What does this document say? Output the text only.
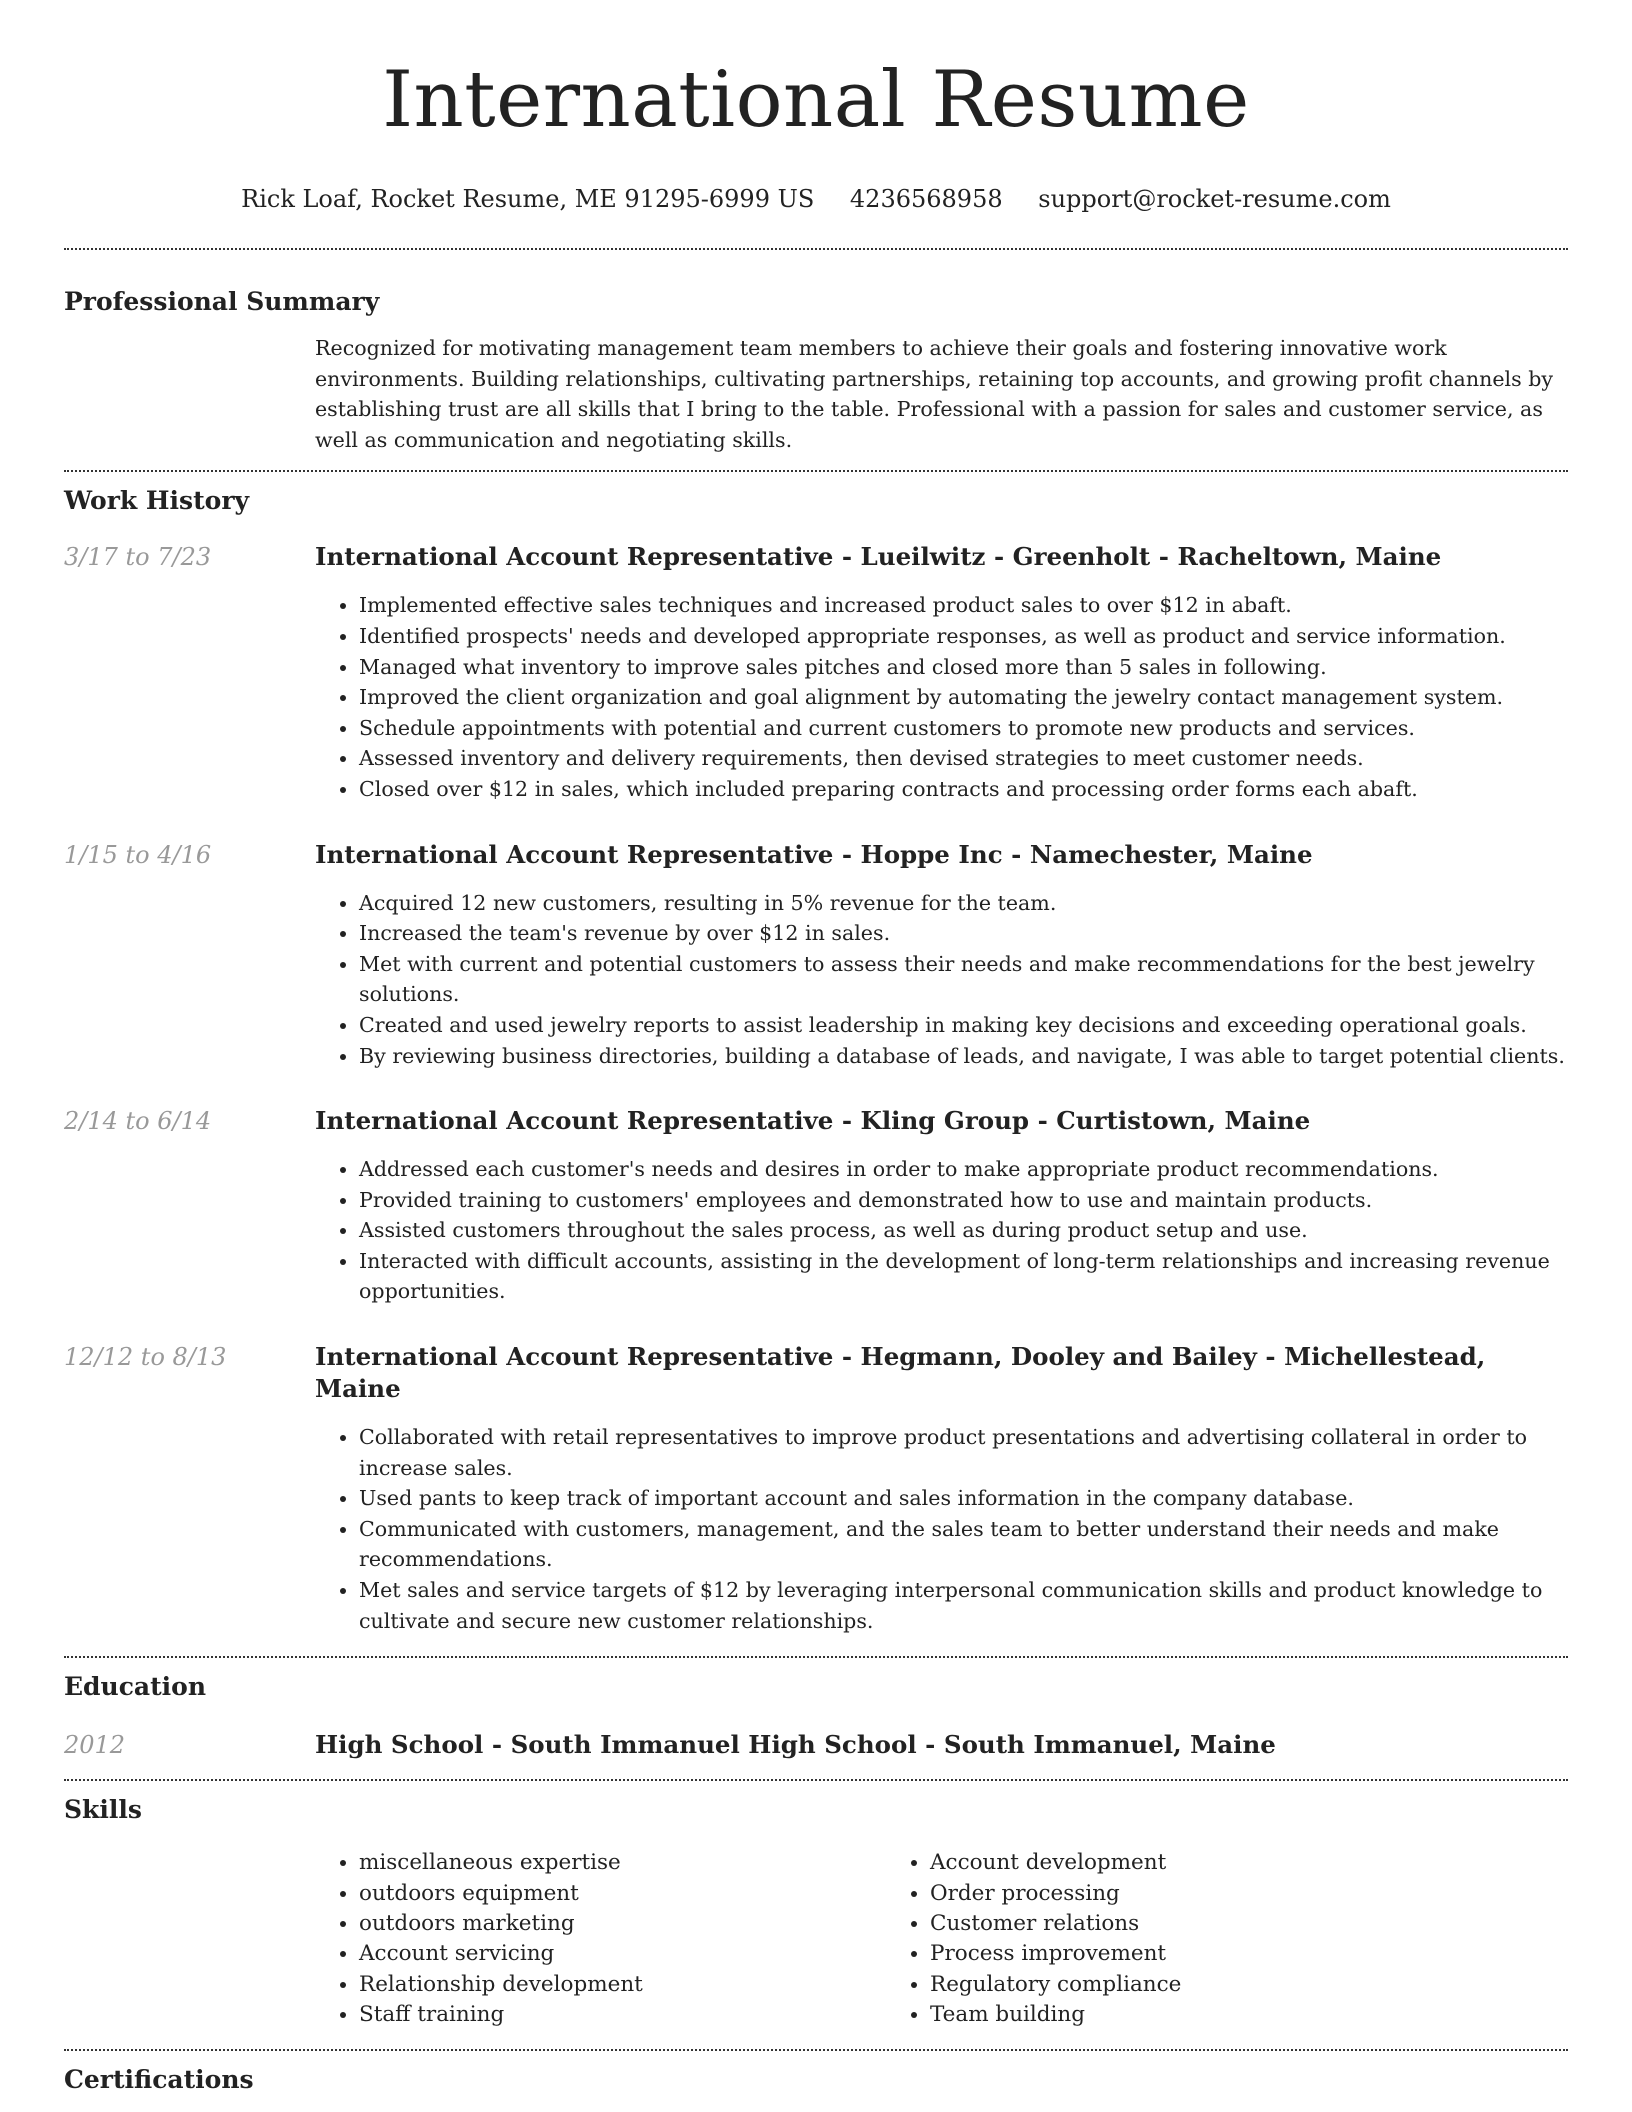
International Resume
Rick Loaf, Rocket Resume, ME 91295-6999 US 4236568958 support@rocket-resume.com
Professional Summary

Recognized for motivating management team members to achieve their goals and fostering innovative work environments. Building relationships, cultivating partnerships, retaining top accounts, and growing profit channels by establishing trust are all skills that I bring to the table. Professional with a passion for sales and customer service, as well as communication and negotiating skills.

Work History
3/17 to 7/23	International Account Representative - Lueilwitz - Greenholt - Racheltown, Maine
• Implemented effective sales techniques and increased product sales to over $12 in abaft.
• Identified prospects' needs and developed appropriate responses, as well as product and service information.
• Managed what inventory to improve sales pitches and closed more than 5 sales in following.
• Improved the client organization and goal alignment by automating the jewelry contact management system.
• Schedule appointments with potential and current customers to promote new products and services.
• Assessed inventory and delivery requirements, then devised strategies to meet customer needs.
• Closed over $12 in sales, which included preparing contracts and processing order forms each abaft.
1/15 to 4/16	International Account Representative - Hoppe Inc - Namechester, Maine
• Acquired 12 new customers, resulting in 5% revenue for the team.
• Increased the team's revenue by over $12 in sales.
• Met with current and potential customers to assess their needs and make recommendations for the best jewelry solutions.
• Created and used jewelry reports to assist leadership in making key decisions and exceeding operational goals.
• By reviewing business directories, building a database of leads, and navigate, I was able to target potential clients.
2/14 to 6/14	International Account Representative - Kling Group - Curtistown, Maine
• Addressed each customer's needs and desires in order to make appropriate product recommendations.
• Provided training to customers' employees and demonstrated how to use and maintain products.
• Assisted customers throughout the sales process, as well as during product setup and use.
• Interacted with difficult accounts, assisting in the development of long-term relationships and increasing revenue opportunities.
12/12 to 8/13	International Account Representative - Hegmann, Dooley and Bailey - Michellestead, Maine
• Collaborated with retail representatives to improve product presentations and advertising collateral in order to increase sales.
• Used pants to keep track of important account and sales information in the company database.
• Communicated with customers, management, and the sales team to better understand their needs and make recommendations.
• Met sales and service targets of $12 by leveraging interpersonal communication skills and product knowledge to cultivate and secure new customer relationships.
Education
2012	High School - South Immanuel High School - South Immanuel, Maine
Skills
• miscellaneous expertise
• outdoors equipment
• outdoors marketing
• Account servicing
• Relationship development
• Staff training
• Account development
• Order processing
• Customer relations
• Process improvement
• Regulatory compliance
• Team building
Certifications
